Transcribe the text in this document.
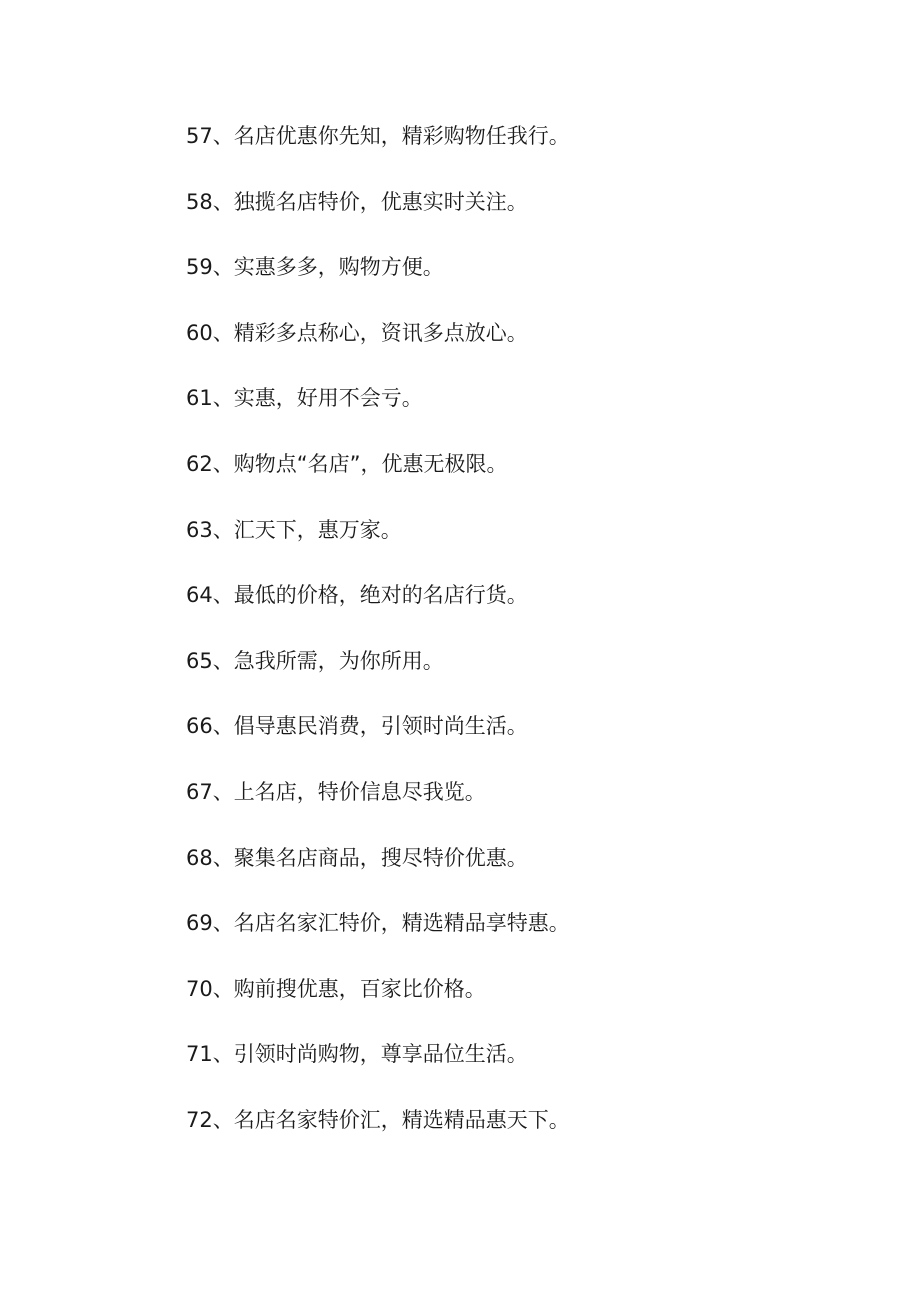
57、名店优惠你先知，精彩购物任我行。
58、独揽名店特价，优惠实时关注。
59、实惠多多，购物方便。
60、精彩多点称心，资讯多点放心。
61、实惠，好用不会亏。
62、购物点“名店”，优惠无极限。
63、汇天下，惠万家。
64、最低的价格，绝对的名店行货。
65、急我所需，为你所用。
66、倡导惠民消费，引领时尚生活。
67、上名店，特价信息尽我览。
68、聚集名店商品，搜尽特价优惠。
69、名店名家汇特价，精选精品享特惠。
70、购前搜优惠，百家比价格。
71、引领时尚购物，尊享品位生活。
72、名店名家特价汇，精选精品惠天下。
